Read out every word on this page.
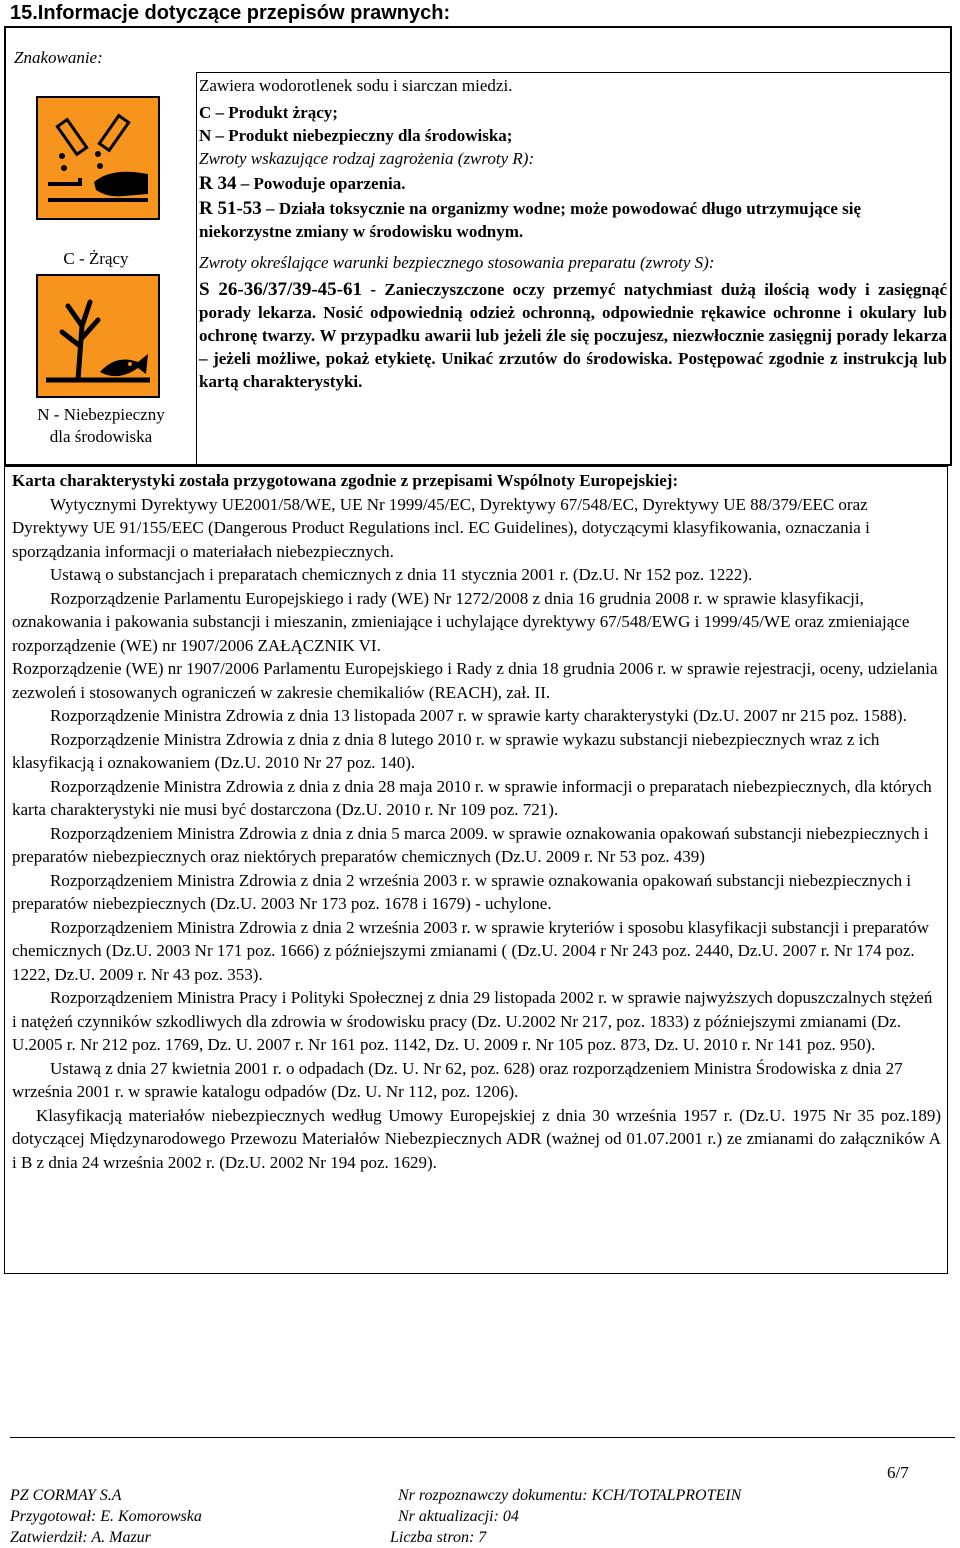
15.Informacje dotyczące przepisów prawnych:
Znakowanie:
C - Żrący
N - Niebezpieczny
dla środowiska

Zawiera wodorotlenek sodu i siarczan miedzi.

C – Produkt żrący;

N – Produkt niebezpieczny dla środowiska;

Zwroty wskazujące rodzaj zagrożenia (zwroty R):

R 34 – Powoduje oparzenia.

R 51-53 – Działa toksycznie na organizmy wodne; może powodować długo utrzymujące się niekorzystne zmiany w środowisku wodnym.

Zwroty określające warunki bezpiecznego stosowania preparatu (zwroty S):

S 26-36/37/39-45-61 - Zanieczyszczone oczy przemyć natychmiast dużą ilością wody i zasięgnąć porady lekarza. Nosić odpowiednią odzież ochronną, odpowiednie rękawice ochronne i okulary lub ochronę twarzy. W przypadku awarii lub jeżeli źle się poczujesz, niezwłocznie zasięgnij porady lekarza – jeżeli możliwe, pokaż etykietę. Unikać zrzutów do środowiska. Postępować zgodnie z instrukcją lub kartą charakterystyki.

Karta charakterystyki została przygotowana zgodnie z przepisami Wspólnoty Europejskiej:

Wytycznymi Dyrektywy UE2001/58/WE, UE Nr 1999/45/EC, Dyrektywy 67/548/EC, Dyrektywy UE 88/379/EEC oraz Dyrektywy UE 91/155/EEC (Dangerous Product Regulations incl. EC Guidelines), dotyczącymi klasyfikowania, oznaczania i sporządzania informacji o materiałach niebezpiecznych.

Ustawą o substancjach i preparatach chemicznych z dnia 11 stycznia 2001 r. (Dz.U. Nr 152 poz. 1222).

Rozporządzenie Parlamentu Europejskiego i rady (WE) Nr 1272/2008 z dnia 16 grudnia 2008 r. w sprawie klasyfikacji, oznakowania i pakowania substancji i mieszanin, zmieniające i uchylające dyrektywy 67/548/EWG i 1999/45/WE oraz zmieniające rozporządzenie (WE) nr 1907/2006 ZAŁĄCZNIK VI.

Rozporządzenie (WE) nr 1907/2006 Parlamentu Europejskiego i Rady z dnia 18 grudnia 2006 r. w sprawie rejestracji, oceny, udzielania zezwoleń i stosowanych ograniczeń w zakresie chemikaliów (REACH), zał. II.

Rozporządzenie Ministra Zdrowia z dnia 13 listopada 2007 r. w sprawie karty charakterystyki (Dz.U. 2007 nr 215 poz. 1588).

Rozporządzenie Ministra Zdrowia z dnia z dnia 8 lutego 2010 r. w sprawie wykazu substancji niebezpiecznych wraz z ich klasyfikacją i oznakowaniem (Dz.U. 2010 Nr 27 poz. 140).

Rozporządzenie Ministra Zdrowia z dnia z dnia 28 maja 2010 r. w sprawie informacji o preparatach niebezpiecznych, dla których karta charakterystyki nie musi być dostarczona (Dz.U. 2010 r. Nr 109 poz. 721).

Rozporządzeniem Ministra Zdrowia z dnia z dnia 5 marca 2009. w sprawie oznakowania opakowań substancji niebezpiecznych i preparatów niebezpiecznych oraz niektórych preparatów chemicznych (Dz.U. 2009 r. Nr 53 poz. 439)

Rozporządzeniem Ministra Zdrowia z dnia 2 września 2003 r. w sprawie oznakowania opakowań substancji niebezpiecznych i preparatów niebezpiecznych (Dz.U. 2003 Nr 173 poz. 1678 i 1679) - uchylone.

Rozporządzeniem Ministra Zdrowia z dnia 2 września 2003 r. w sprawie kryteriów i sposobu klasyfikacji substancji i preparatów chemicznych (Dz.U. 2003 Nr 171 poz. 1666) z późniejszymi zmianami ( (Dz.U. 2004 r Nr 243 poz. 2440, Dz.U. 2007 r. Nr 174 poz. 1222, Dz.U. 2009 r. Nr 43 poz. 353).

Rozporządzeniem Ministra Pracy i Polityki Społecznej z dnia 29 listopada 2002 r. w sprawie najwyższych dopuszczalnych stężeń i natężeń czynników szkodliwych dla zdrowia w środowisku pracy (Dz. U.2002 Nr 217, poz. 1833) z późniejszymi zmianami (Dz. U.2005 r. Nr 212 poz. 1769, Dz. U. 2007 r. Nr 161 poz. 1142, Dz. U. 2009 r. Nr 105 poz. 873, Dz. U. 2010 r. Nr 141 poz. 950).

Ustawą z dnia 27 kwietnia 2001 r. o odpadach (Dz. U. Nr 62, poz. 628) oraz rozporządzeniem Ministra Środowiska z dnia 27 września 2001 r. w sprawie katalogu odpadów (Dz. U. Nr 112, poz. 1206).

Klasyfikacją materiałów niebezpiecznych według Umowy Europejskiej z dnia 30 września 1957 r. (Dz.U. 1975 Nr 35 poz.189) dotyczącej Międzynarodowego Przewozu Materiałów Niebezpiecznych ADR (ważnej od 01.07.2001 r.) ze zmianami do załączników A i B z dnia 24 września 2002 r. (Dz.U. 2002 Nr 194 poz. 1629).

6/7
PZ CORMAY S.A
Przygotował: E. Komorowska
Zatwierdził: A. Mazur
Nr rozpoznawczy dokumentu: KCH/TOTALPROTEIN
Nr aktualizacji: 04
Liczba stron: 7
